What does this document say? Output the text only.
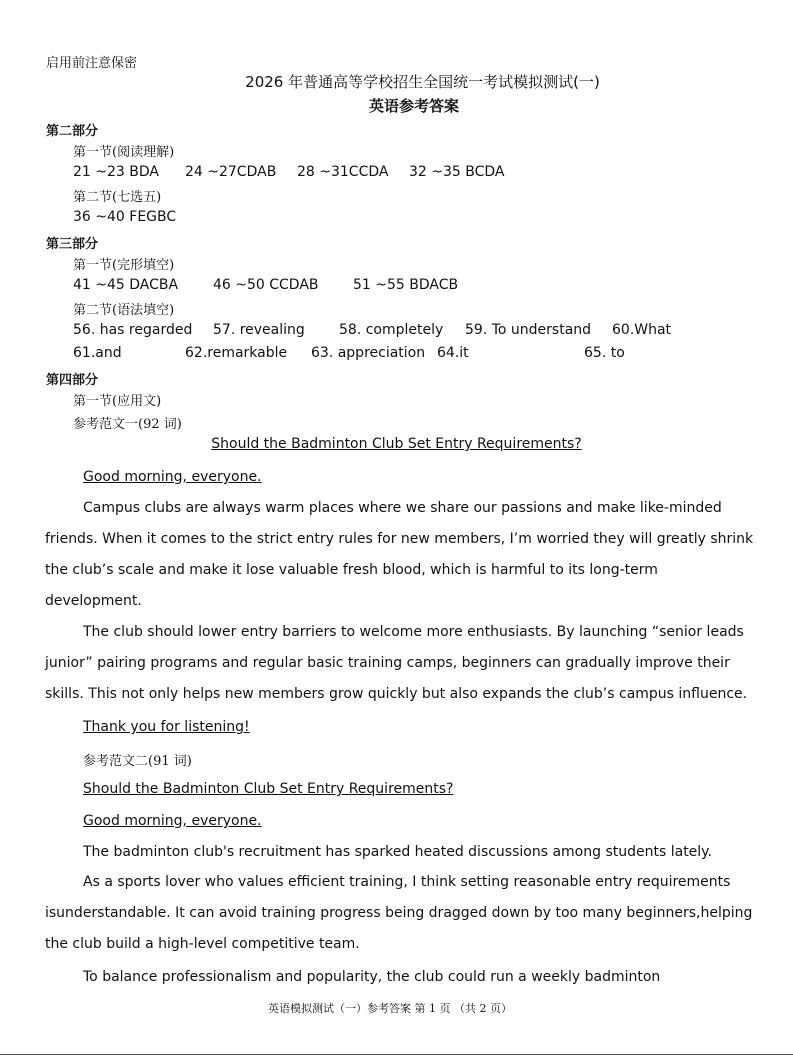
启用前注意保密
2026 年普通高等学校招生全国统一考试模拟测试(一)
英语参考答案
第二部分
第一节(阅读理解)
21 ~23 BDA 24 ~27CDAB 28 ~31CCDA 32 ~35 BCDA
第二节(七选五)
36 ~40 FEGBC
第三部分
第一节(完形填空)
41 ~45 DACBA 46 ~50 CCDAB 51 ~55 BDACB
第二节(语法填空)
56. has regarded 57. revealing 58. completely 59. To understand 60.What
61.and	62.remarkable 63. appreciation 64.it	65. to
第四部分
第一节(应用文)
参考范文一(92 词)
Should the Badminton Club Set Entry Requirements?
Good morning, everyone.
Campus clubs are always warm places where we share our passions and make like-minded friends. When it comes to the strict entry rules for new members, I’m worried they will greatly shrink the club’s scale and make it lose valuable fresh blood, which is harmful to its long-term development.
The club should lower entry barriers to welcome more enthusiasts. By launching “senior leads junior” pairing programs and regular basic training camps, beginners can gradually improve their skills. This not only helps new members grow quickly but also expands the club’s campus influence.
Thank you for listening!
参考范文二(91 词)
Should the Badminton Club Set Entry Requirements?
Good morning, everyone.
The badminton club's recruitment has sparked heated discussions among students lately.
As a sports lover who values efficient training, I think setting reasonable entry requirements isunderstandable. It can avoid training progress being dragged down by too many beginners,helping the club build a high-level competitive team.
To balance professionalism and popularity, the club could run a weekly badminton
英语模拟测试（一）参考答案 第 1 页 （共 2 页）
